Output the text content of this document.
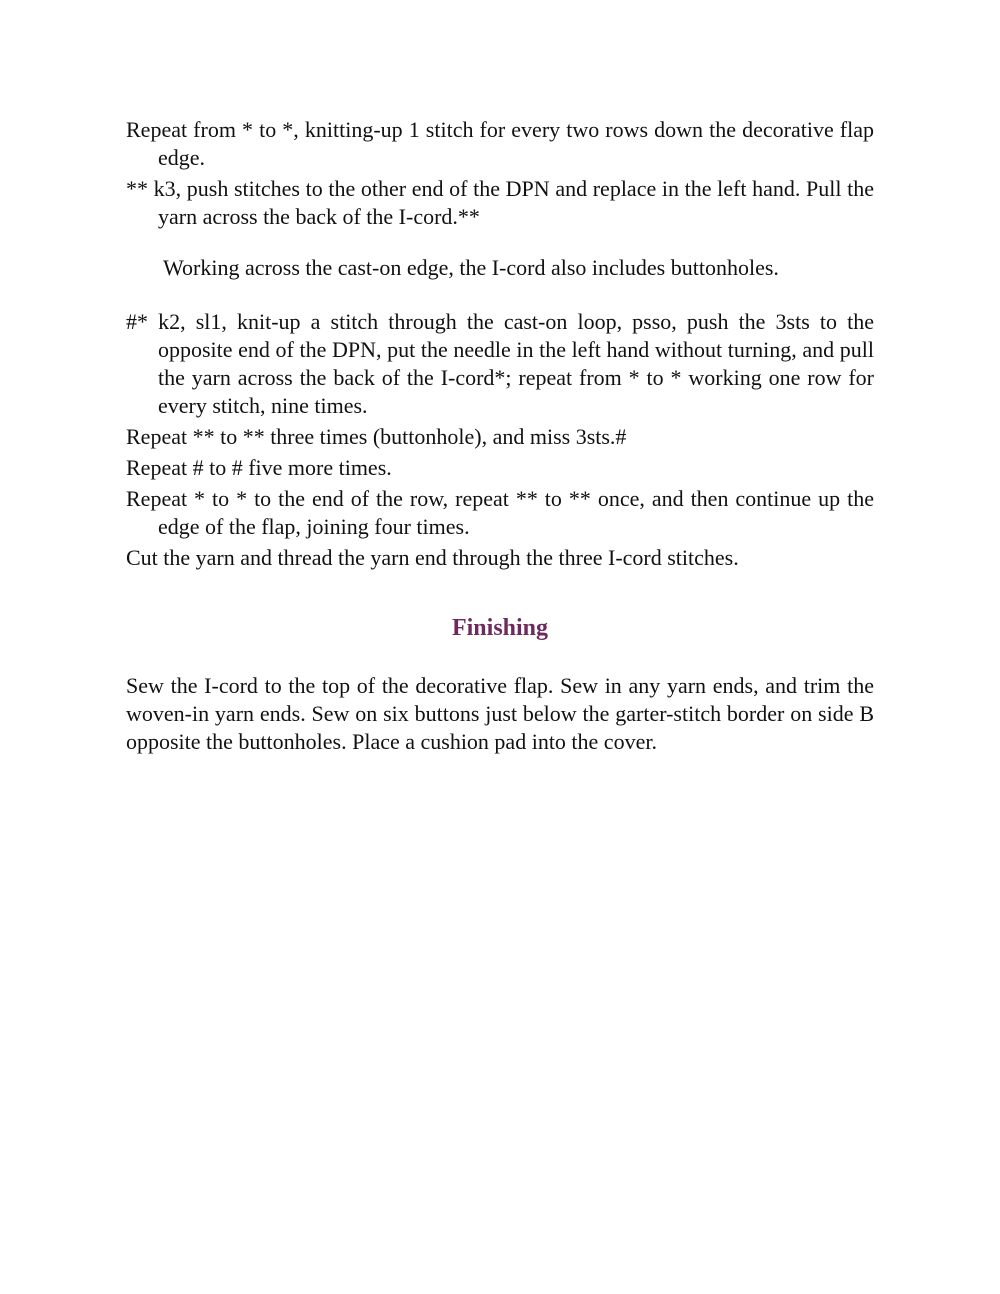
Repeat from * to *, knitting-up 1 stitch for every two rows down the decorative flap edge.

** k3, push stitches to the other end of the DPN and replace in the left hand. Pull the yarn across the back of the I-cord.**

Working across the cast-on edge, the I-cord also includes buttonholes.

#* k2, sl1, knit-up a stitch through the cast-on loop, psso, push the 3sts to the opposite end of the DPN, put the needle in the left hand without turning, and pull the yarn across the back of the I-cord*; repeat from * to * working one row for every stitch, nine times.

Repeat ** to ** three times (buttonhole), and miss 3sts.#

Repeat # to # five more times.

Repeat * to * to the end of the row, repeat ** to ** once, and then continue up the edge of the flap, joining four times.

Cut the yarn and thread the yarn end through the three I-cord stitches.

Finishing

Sew the I-cord to the top of the decorative flap. Sew in any yarn ends, and trim the woven-in yarn ends. Sew on six buttons just below the garter-stitch border on side B opposite the buttonholes. Place a cushion pad into the cover.
